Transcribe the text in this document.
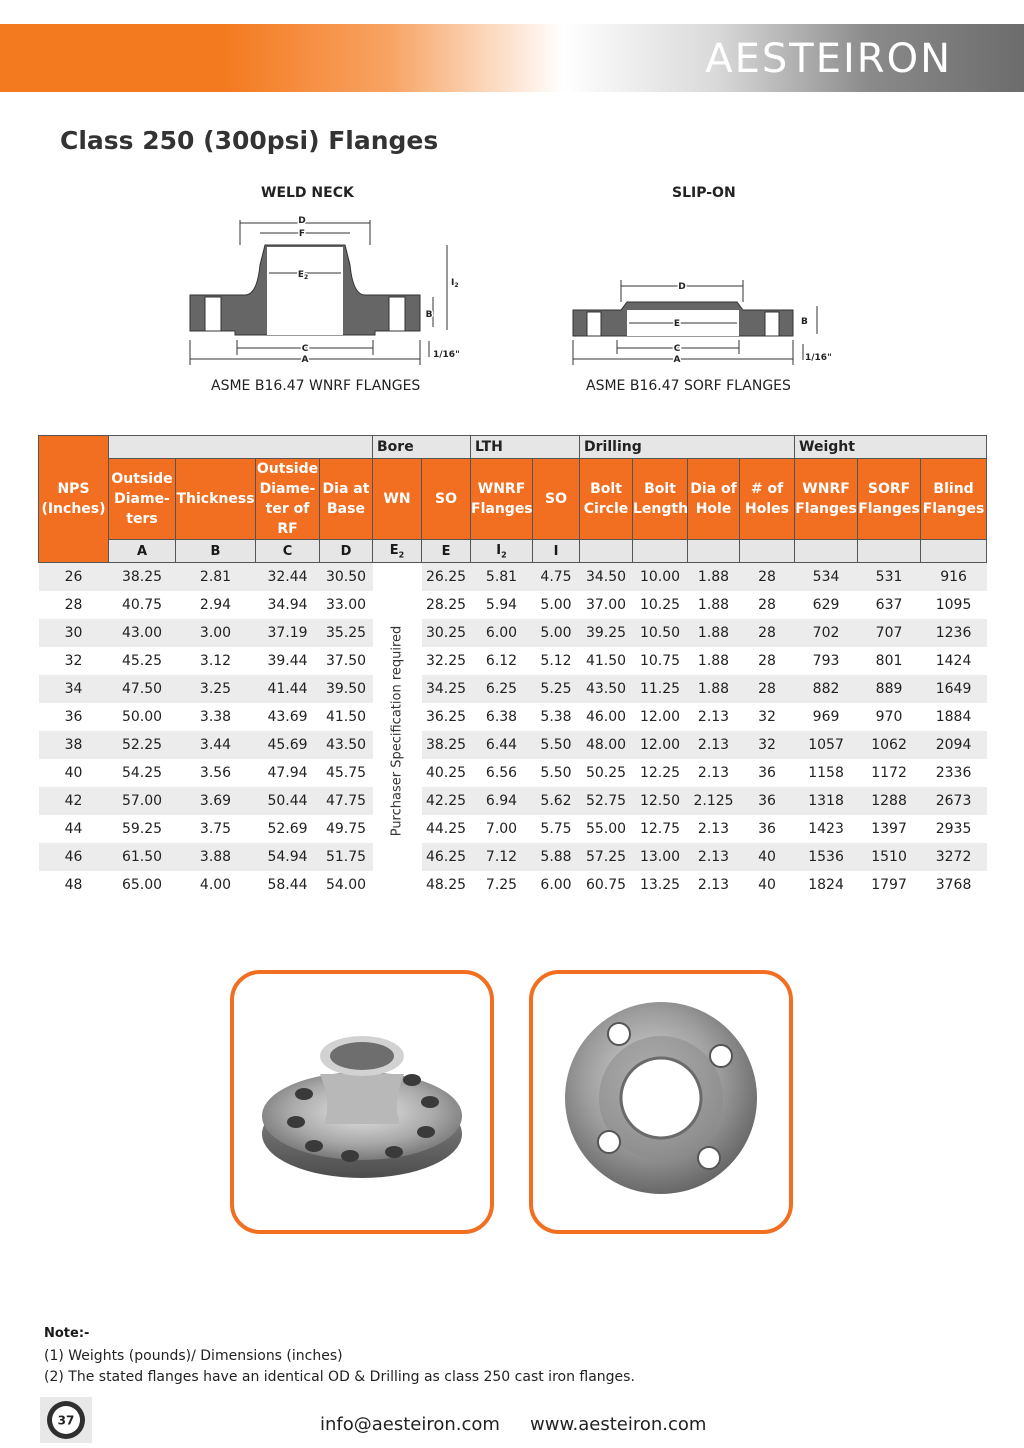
AESTEIRON
Class 250 (300psi) Flanges
WELD NECK
D
F
$E_2$
$I_2$
B
C
A	1/16"
ASME B16.47 WNRF FLANGES
SLIP-ON
D
E	B
C
A	1/16"
ASME B16.47 SORF FLANGES
NPS (Inches)					Bore		LTH		Drilling				Weight		
	Outside Diame- ters	Thickness	Outside Diame- ter of RF	Dia at Base	WN	SO	WNRF Flanges	SO	Bolt Circle	Bolt Length	Dia of Hole	# of Holes	WNRF Flanges	SORF Flanges	Blind Flanges
	A	B	C	D	$E_2$	E	$I_2$	I							
26	38.25	2.81	32.44	30.50	Purchaser Specification required	26.25	5.81	4.75	34.50	10.00	1.88	28	534	531	916
28	40.75	2.94	34.94	33.00		28.25	5.94	5.00	37.00	10.25	1.88	28	629	637	1095
30	43.00	3.00	37.19	35.25		30.25	6.00	5.00	39.25	10.50	1.88	28	702	707	1236
32	45.25	3.12	39.44	37.50		32.25	6.12	5.12	41.50	10.75	1.88	28	793	801	1424
34	47.50	3.25	41.44	39.50		34.25	6.25	5.25	43.50	11.25	1.88	28	882	889	1649
36	50.00	3.38	43.69	41.50		36.25	6.38	5.38	46.00	12.00	2.13	32	969	970	1884
38	52.25	3.44	45.69	43.50		38.25	6.44	5.50	48.00	12.00	2.13	32	1057	1062	2094
40	54.25	3.56	47.94	45.75		40.25	6.56	5.50	50.25	12.25	2.13	36	1158	1172	2336
42	57.00	3.69	50.44	47.75		42.25	6.94	5.62	52.75	12.50	2.125	36	1318	1288	2673
44	59.25	3.75	52.69	49.75		44.25	7.00	5.75	55.00	12.75	2.13	36	1423	1397	2935
46	61.50	3.88	54.94	51.75		46.25	7.12	5.88	57.25	13.00	2.13	40	1536	1510	3272
48	65.00	4.00	58.44	54.00		48.25	7.25	6.00	60.75	13.25	2.13	40	1824	1797	3768
Note:-
(1) Weights (pounds)/ Dimensions (inches)
(2) The stated flanges have an identical OD & Drilling as class 250 cast iron flanges.
37	info@aesteiron.com www.aesteiron.com
